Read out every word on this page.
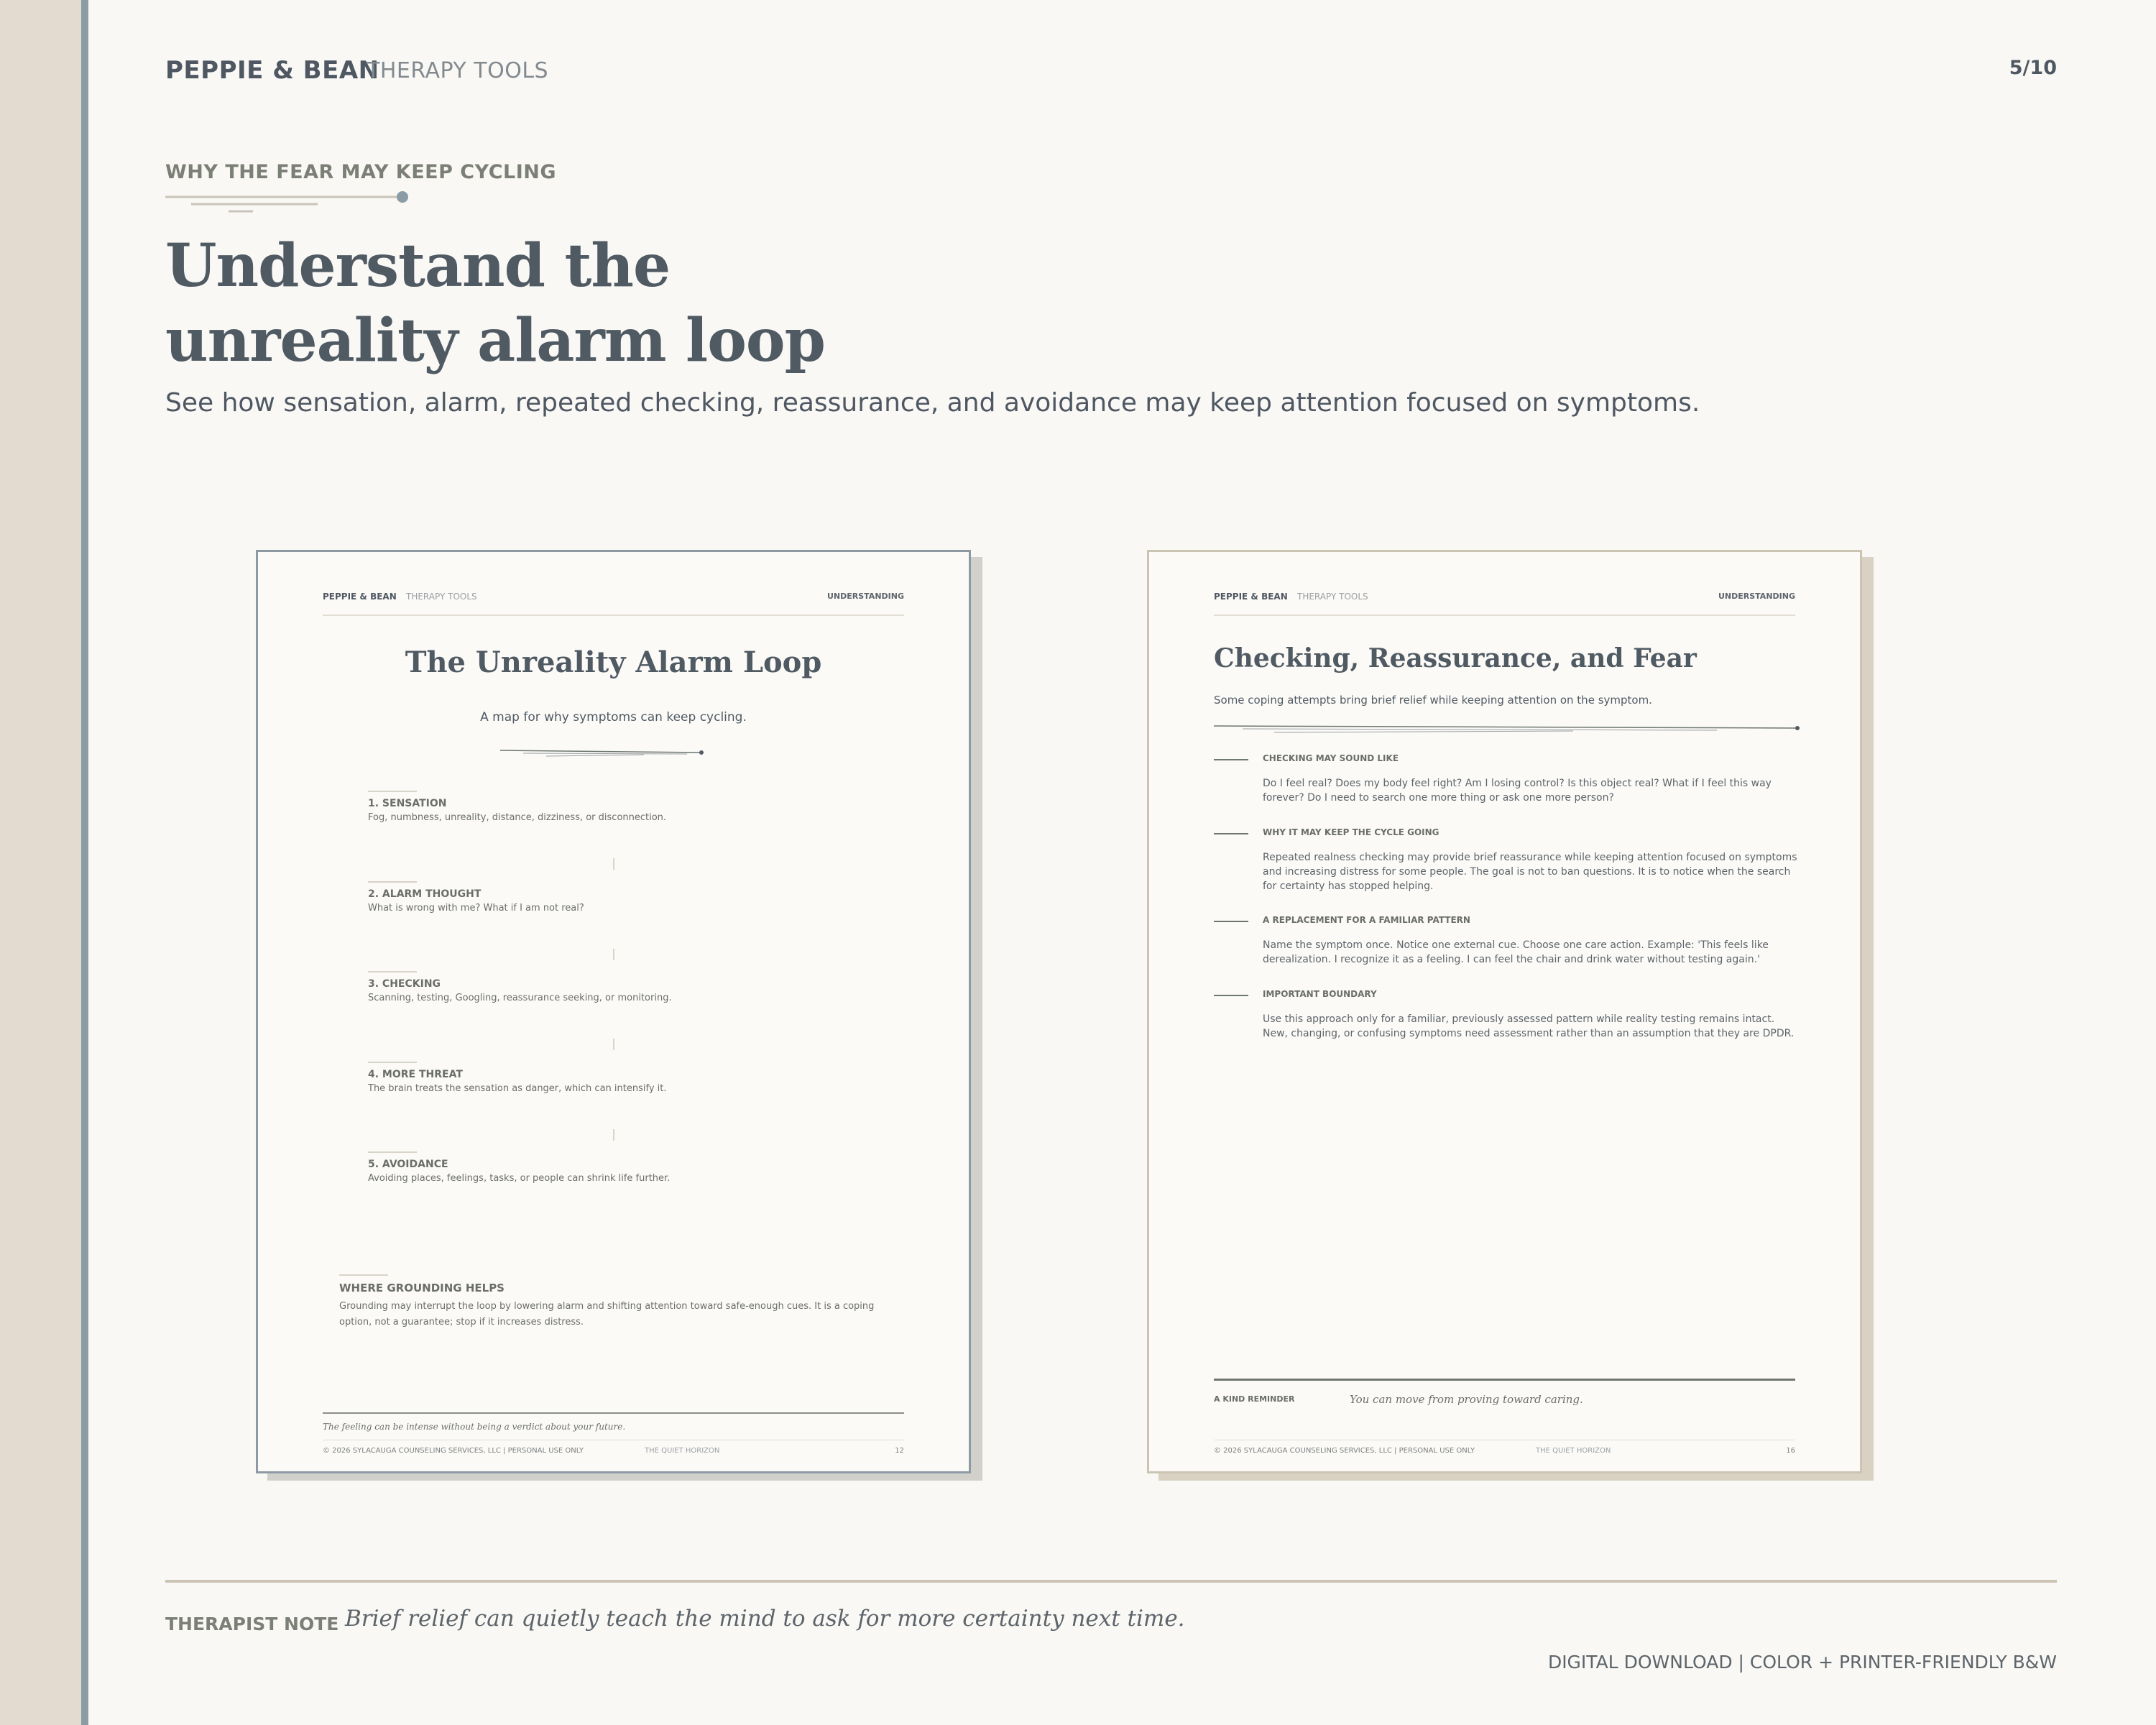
PEPPIE & BEAN
THERAPY TOOLS	5/10
WHY THE FEAR MAY KEEP CYCLING
Understand the
unreality alarm loop
See how sensation, alarm, repeated checking, reassurance, and avoidance may keep attention focused on symptoms.
PEPPIE & BEAN THERAPY TOOLS	UNDERSTANDING
The Unreality Alarm Loop
A map for why symptoms can keep cycling.
1. SENSATION
Fog, numbness, unreality, distance, dizziness, or disconnection.
2. ALARM THOUGHT
What is wrong with me? What if I am not real?
3. CHECKING
Scanning, testing, Googling, reassurance seeking, or monitoring.
4. MORE THREAT
The brain treats the sensation as danger, which can intensify it.
5. AVOIDANCE
Avoiding places, feelings, tasks, or people can shrink life further.
WHERE GROUNDING HELPS
Grounding may interrupt the loop by lowering alarm and shifting attention toward safe-enough cues. It is a coping option, not a guarantee; stop if it increases distress.
The feeling can be intense without being a verdict about your future.
© 2026 SYLACAUGA COUNSELING SERVICES, LLC | PERSONAL USE ONLY	THE QUIET HORIZON	12
PEPPIE & BEAN THERAPY TOOLS	UNDERSTANDING
Checking, Reassurance, and Fear
Some coping attempts bring brief relief while keeping attention on the symptom.
CHECKING MAY SOUND LIKE
Do I feel real? Does my body feel right? Am I losing control? Is this object real? What if I feel this way forever? Do I need to search one more thing or ask one more person?
WHY IT MAY KEEP THE CYCLE GOING
Repeated realness checking may provide brief reassurance while keeping attention focused on symptoms and increasing distress for some people. The goal is not to ban questions. It is to notice when the search for certainty has stopped helping.
A REPLACEMENT FOR A FAMILIAR PATTERN
Name the symptom once. Notice one external cue. Choose one care action. Example: 'This feels like derealization. I recognize it as a feeling. I can feel the chair and drink water without testing again.'
IMPORTANT BOUNDARY
Use this approach only for a familiar, previously assessed pattern while reality testing remains intact. New, changing, or confusing symptoms need assessment rather than an assumption that they are DPDR.
A KIND REMINDER	You can move from proving toward caring.
© 2026 SYLACAUGA COUNSELING SERVICES, LLC | PERSONAL USE ONLY	THE QUIET HORIZON	16
THERAPIST NOTE Brief relief can quietly teach the mind to ask for more certainty next time.
DIGITAL DOWNLOAD | COLOR + PRINTER-FRIENDLY B&W
